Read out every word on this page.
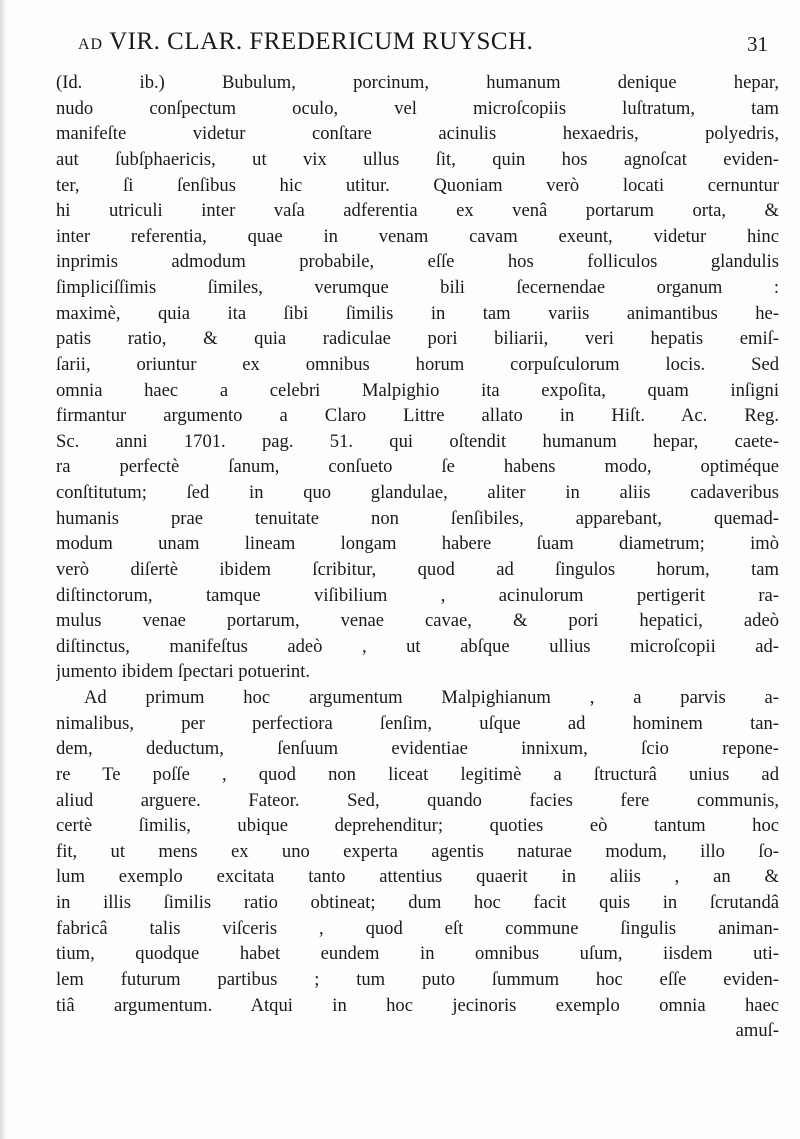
AD VIR. CLAR. FREDERICUM RUYSCH.	31

(Id. ib.) Bubulum, porcinum, humanum denique hepar,
nudo conſpectum oculo, vel microſcopiis luſtratum, tam
manifeſte videtur conſtare acinulis hexaedris, polyedris,
aut ſubſphaericis, ut vix ullus ſit, quin hos agnoſcat eviden-
ter, ſi ſenſibus hic utitur. Quoniam verò locati cernuntur
hi utriculi inter vaſa adferentia ex venâ portarum orta, &
inter referentia, quae in venam cavam exeunt, videtur hinc
inprimis admodum probabile, eſſe hos folliculos glandulis
ſimpliciſſimis ſimiles, verumque bili ſecernendae organum :
maximè, quia ita ſibi ſimilis in tam variis animantibus he-
patis ratio, & quia radiculae pori biliarii, veri hepatis emiſ-
ſarii, oriuntur ex omnibus horum corpuſculorum locis. Sed
omnia haec a celebri Malpighio ita expoſita, quam inſigni
firmantur argumento a Claro Littre allato in Hiſt. Ac. Reg.
Sc. anni 1701. pag. 51. qui oſtendit humanum hepar, caete-
ra perfectè ſanum, conſueto ſe habens modo, optiméque
conſtitutum; ſed in quo glandulae, aliter in aliis cadaveribus
humanis prae tenuitate non ſenſibiles, apparebant, quemad-
modum unam lineam longam habere ſuam diametrum; imò
verò diſertè ibidem ſcribitur, quod ad ſingulos horum, tam
diſtinctorum, tamque viſibilium , acinulorum pertigerit ra-
mulus venae portarum, venae cavae, & pori hepatici, adeò
diſtinctus, manifeſtus adeò , ut abſque ullius microſcopii ad-
jumento ibidem ſpectari potuerint.

Ad primum hoc argumentum Malpighianum , a parvis a-
nimalibus, per perfectiora ſenſim, uſque ad hominem tan-
dem, deductum, ſenſuum evidentiae innixum, ſcio repone-
re Te poſſe , quod non liceat legitimè a ſtructurâ unius ad
aliud arguere. Fateor. Sed, quando facies fere communis,
certè ſimilis, ubique deprehenditur; quoties eò tantum hoc
fit, ut mens ex uno experta agentis naturae modum, illo ſo-
lum exemplo excitata tanto attentius quaerit in aliis , an &
in illis ſimilis ratio obtineat; dum hoc facit quis in ſcrutandâ
fabricâ talis viſceris , quod eſt commune ſingulis animan-
tium, quodque habet eundem in omnibus uſum, iisdem uti-
lem futurum partibus ; tum puto ſummum hoc eſſe eviden-
tiâ argumentum. Atqui in hoc jecinoris exemplo omnia haec
amuſ-
